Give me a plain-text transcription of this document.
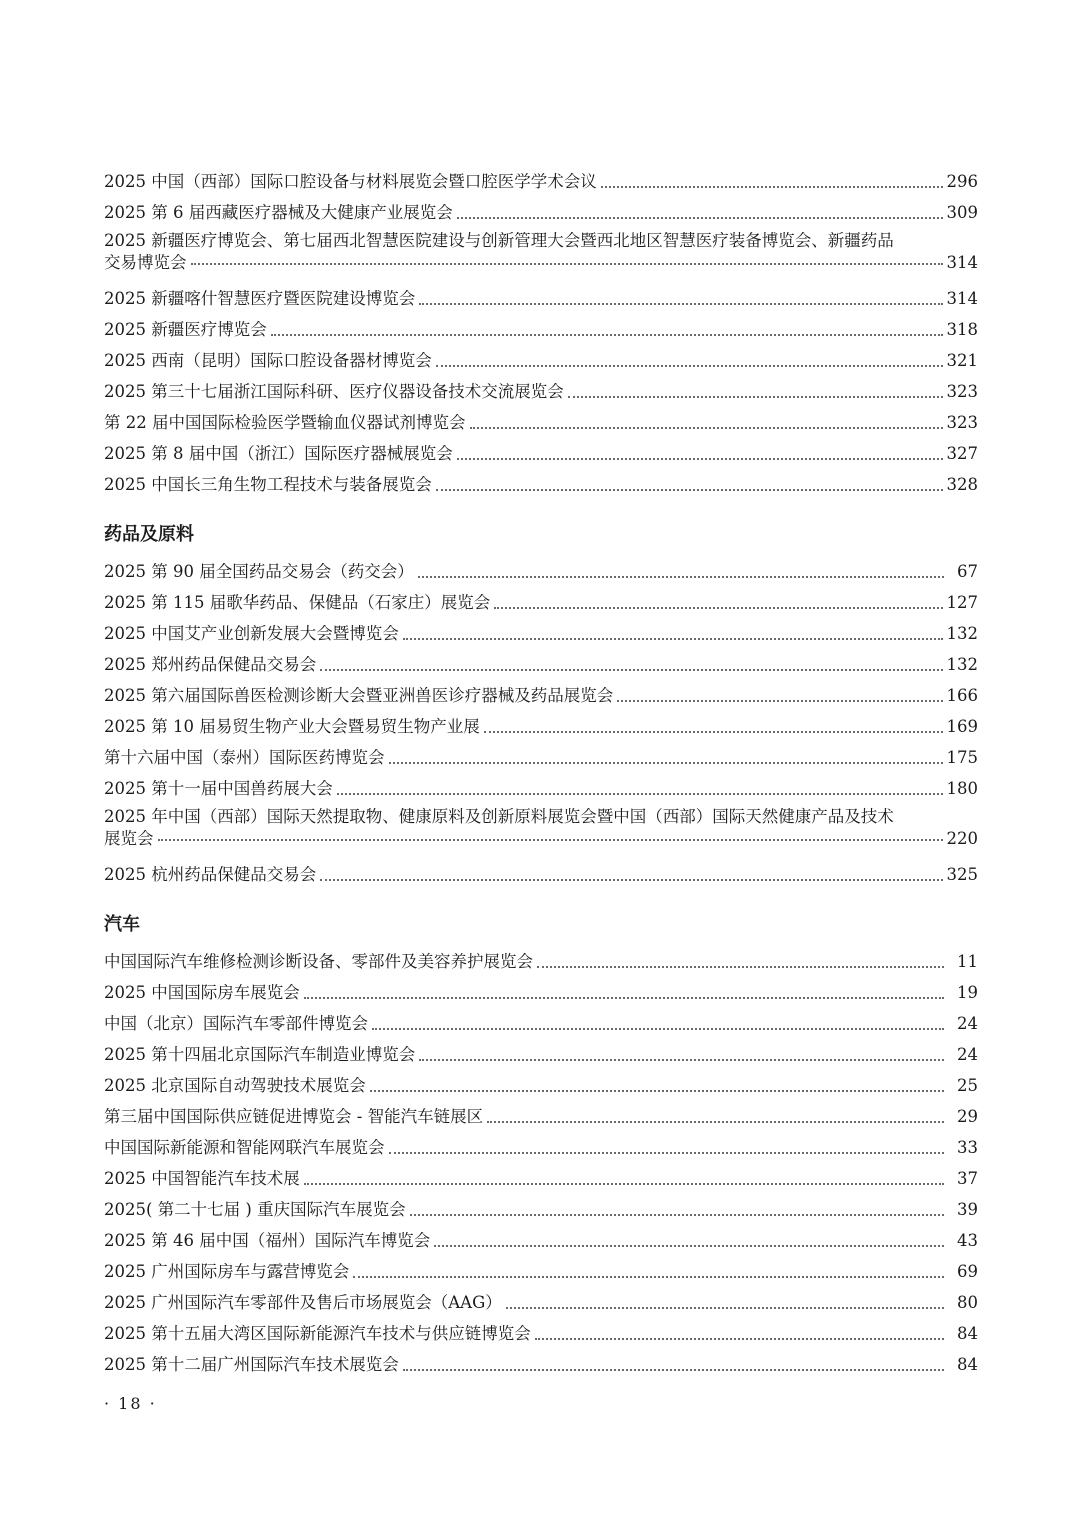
2025 中国（西部）国际口腔设备与材料展览会暨口腔医学学术会议	296
2025 第 6 届西藏医疗器械及大健康产业展览会	309
2025 新疆医疗博览会、第七届西北智慧医院建设与创新管理大会暨西北地区智慧医疗装备博览会、新疆药品
交易博览会	314
2025 新疆喀什智慧医疗暨医院建设博览会	314
2025 新疆医疗博览会	318
2025 西南（昆明）国际口腔设备器材博览会	321
2025 第三十七届浙江国际科研、医疗仪器设备技术交流展览会	323
第 22 届中国国际检验医学暨输血仪器试剂博览会	323
2025 第 8 届中国（浙江）国际医疗器械展览会	327
2025 中国长三角生物工程技术与装备展览会	328
药品及原料
2025 第 90 届全国药品交易会（药交会）	67
2025 第 115 届歌华药品、保健品（石家庄）展览会	127
2025 中国艾产业创新发展大会暨博览会	132
2025 郑州药品保健品交易会	132
2025 第六届国际兽医检测诊断大会暨亚洲兽医诊疗器械及药品展览会	166
2025 第 10 届易贸生物产业大会暨易贸生物产业展	169
第十六届中国（泰州）国际医药博览会	175
2025 第十一届中国兽药展大会	180
2025 年中国（西部）国际天然提取物、健康原料及创新原料展览会暨中国（西部）国际天然健康产品及技术
展览会	220
2025 杭州药品保健品交易会	325
汽车
中国国际汽车维修检测诊断设备、零部件及美容养护展览会	11
2025 中国国际房车展览会	19
中国（北京）国际汽车零部件博览会	24
2025 第十四届北京国际汽车制造业博览会	24
2025 北京国际自动驾驶技术展览会	25
第三届中国国际供应链促进博览会 - 智能汽车链展区	29
中国国际新能源和智能网联汽车展览会	33
2025 中国智能汽车技术展	37
2025( 第二十七届 ) 重庆国际汽车展览会	39
2025 第 46 届中国（福州）国际汽车博览会	43
2025 广州国际房车与露营博览会	69
2025 广州国际汽车零部件及售后市场展览会（AAG）	80
2025 第十五届大湾区国际新能源汽车技术与供应链博览会	84
2025 第十二届广州国际汽车技术展览会	84
· 18 ·
